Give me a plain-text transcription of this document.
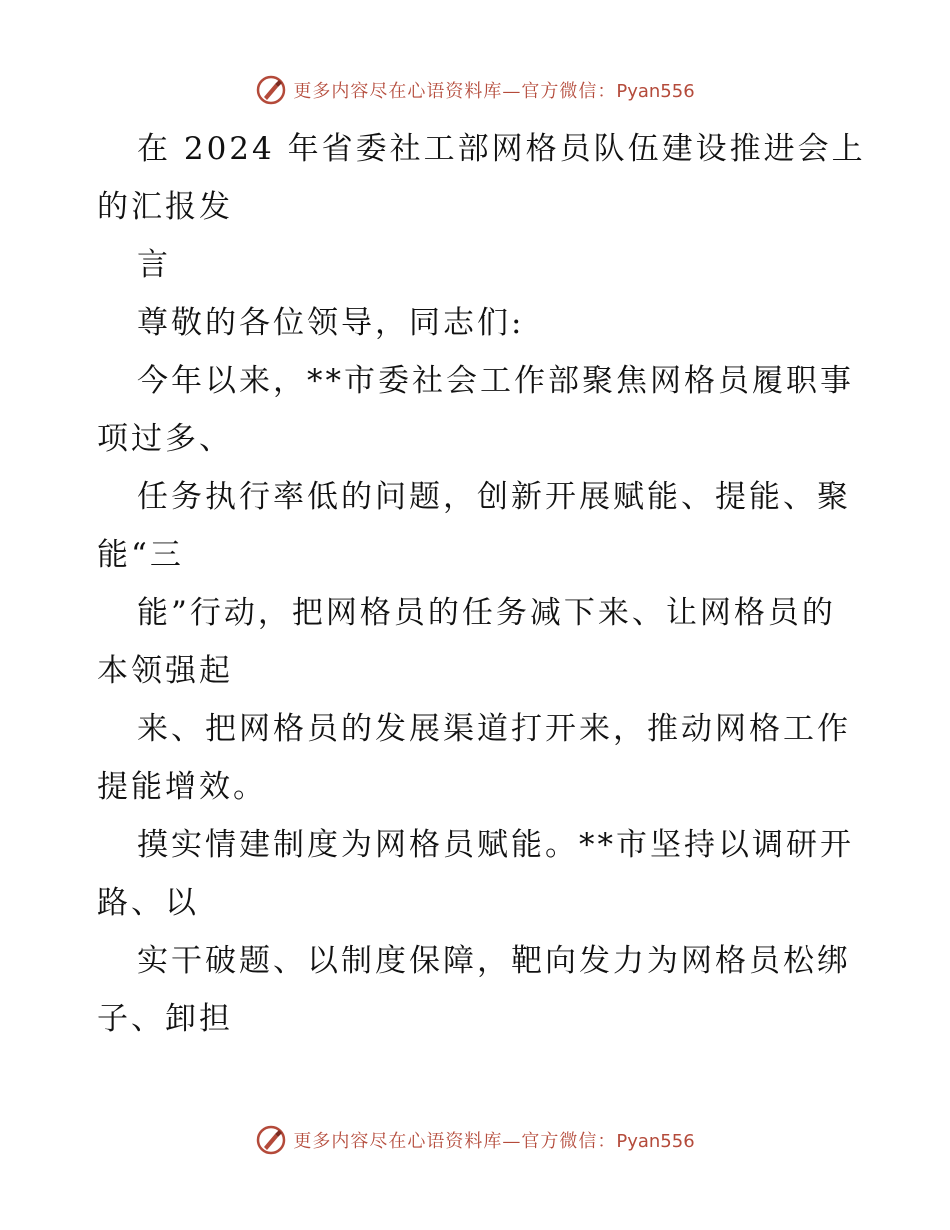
更多内容尽在心语资料库—官方微信：Pyan556
在 2024 年省委社工部网格员队伍建设推进会上
的汇报发
言
尊敬的各位领导，同志们:
今年以来，**市委社会工作部聚焦网格员履职事
项过多、
任务执行率低的问题，创新开展赋能、提能、聚
能“三
能”行动，把网格员的任务减下来、让网格员的
本领强起
来、把网格员的发展渠道打开来，推动网格工作
提能增效。
摸实情建制度为网格员赋能。**市坚持以调研开
路、以
实干破题、以制度保障，靶向发力为网格员松绑
子、卸担
更多内容尽在心语资料库—官方微信：Pyan556
